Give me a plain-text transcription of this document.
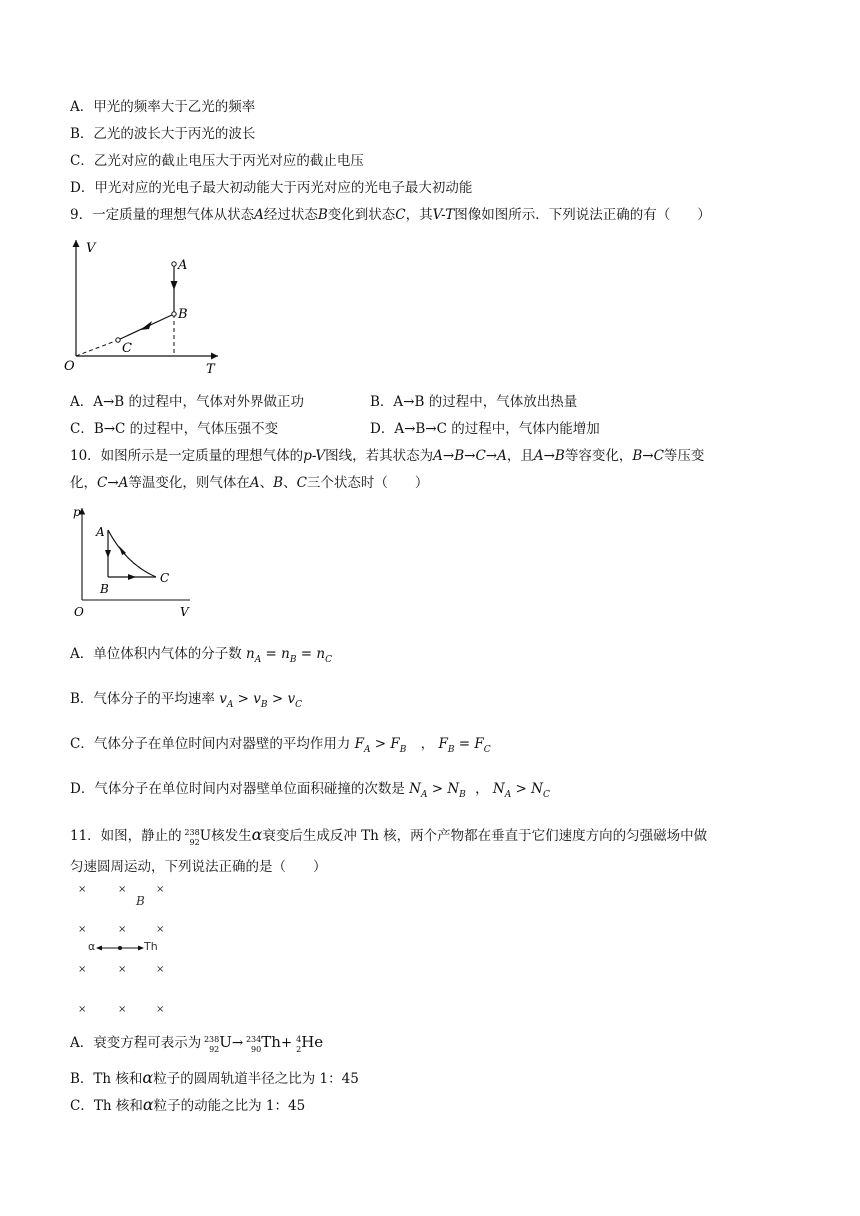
A．甲光的频率大于乙光的频率
B．乙光的波长大于丙光的波长
C．乙光对应的截止电压大于丙光对应的截止电压
D．甲光对应的光电子最大初动能大于丙光对应的光电子最大初动能
9．一定质量的理想气体从状态A经过状态B变化到状态C，其V-T图像如图所示．下列说法正确的有（　　）
V
T
O
A
B
C
A．A→B 的过程中，气体对外界做正功	B．A→B 的过程中，气体放出热量
C．B→C 的过程中，气体压强不变	D．A→B→C 的过程中，气体内能增加
10．如图所示是一定质量的理想气体的p-V图线，若其状态为A→B→C→A，且A→B等容变化，B→C等压变
化，C→A等温变化，则气体在A、B、C三个状态时（　　）
p
V
O
A
B
C
A．单位体积内气体的分子数 $n_A = n_B = n_C$
B．气体分子的平均速率 $v_A > v_B > v_C$
C．气体分子在单位时间内对器壁的平均作用力 $F_A > F_B$ ， $F_B = F_C$
D．气体分子在单位时间内对器壁单位面积碰撞的次数是 $N_A > N_B$ ， $N_A > N_C$
11．如图，静止的 238
92 U核发生α衰变后生成反冲 Th 核，两个产物都在垂直于它们速度方向的匀强磁场中做
匀速圆周运动，下列说法正确的是（　　）
×	×	×
B
×	×	×
α	Th
×	×	×
×	×	×
A．衰变方程可表示为 238
92 U→ 234
90 Th+ 4
2 He
B．Th 核和α粒子的圆周轨道半径之比为 1：45
C．Th 核和α粒子的动能之比为 1：45
